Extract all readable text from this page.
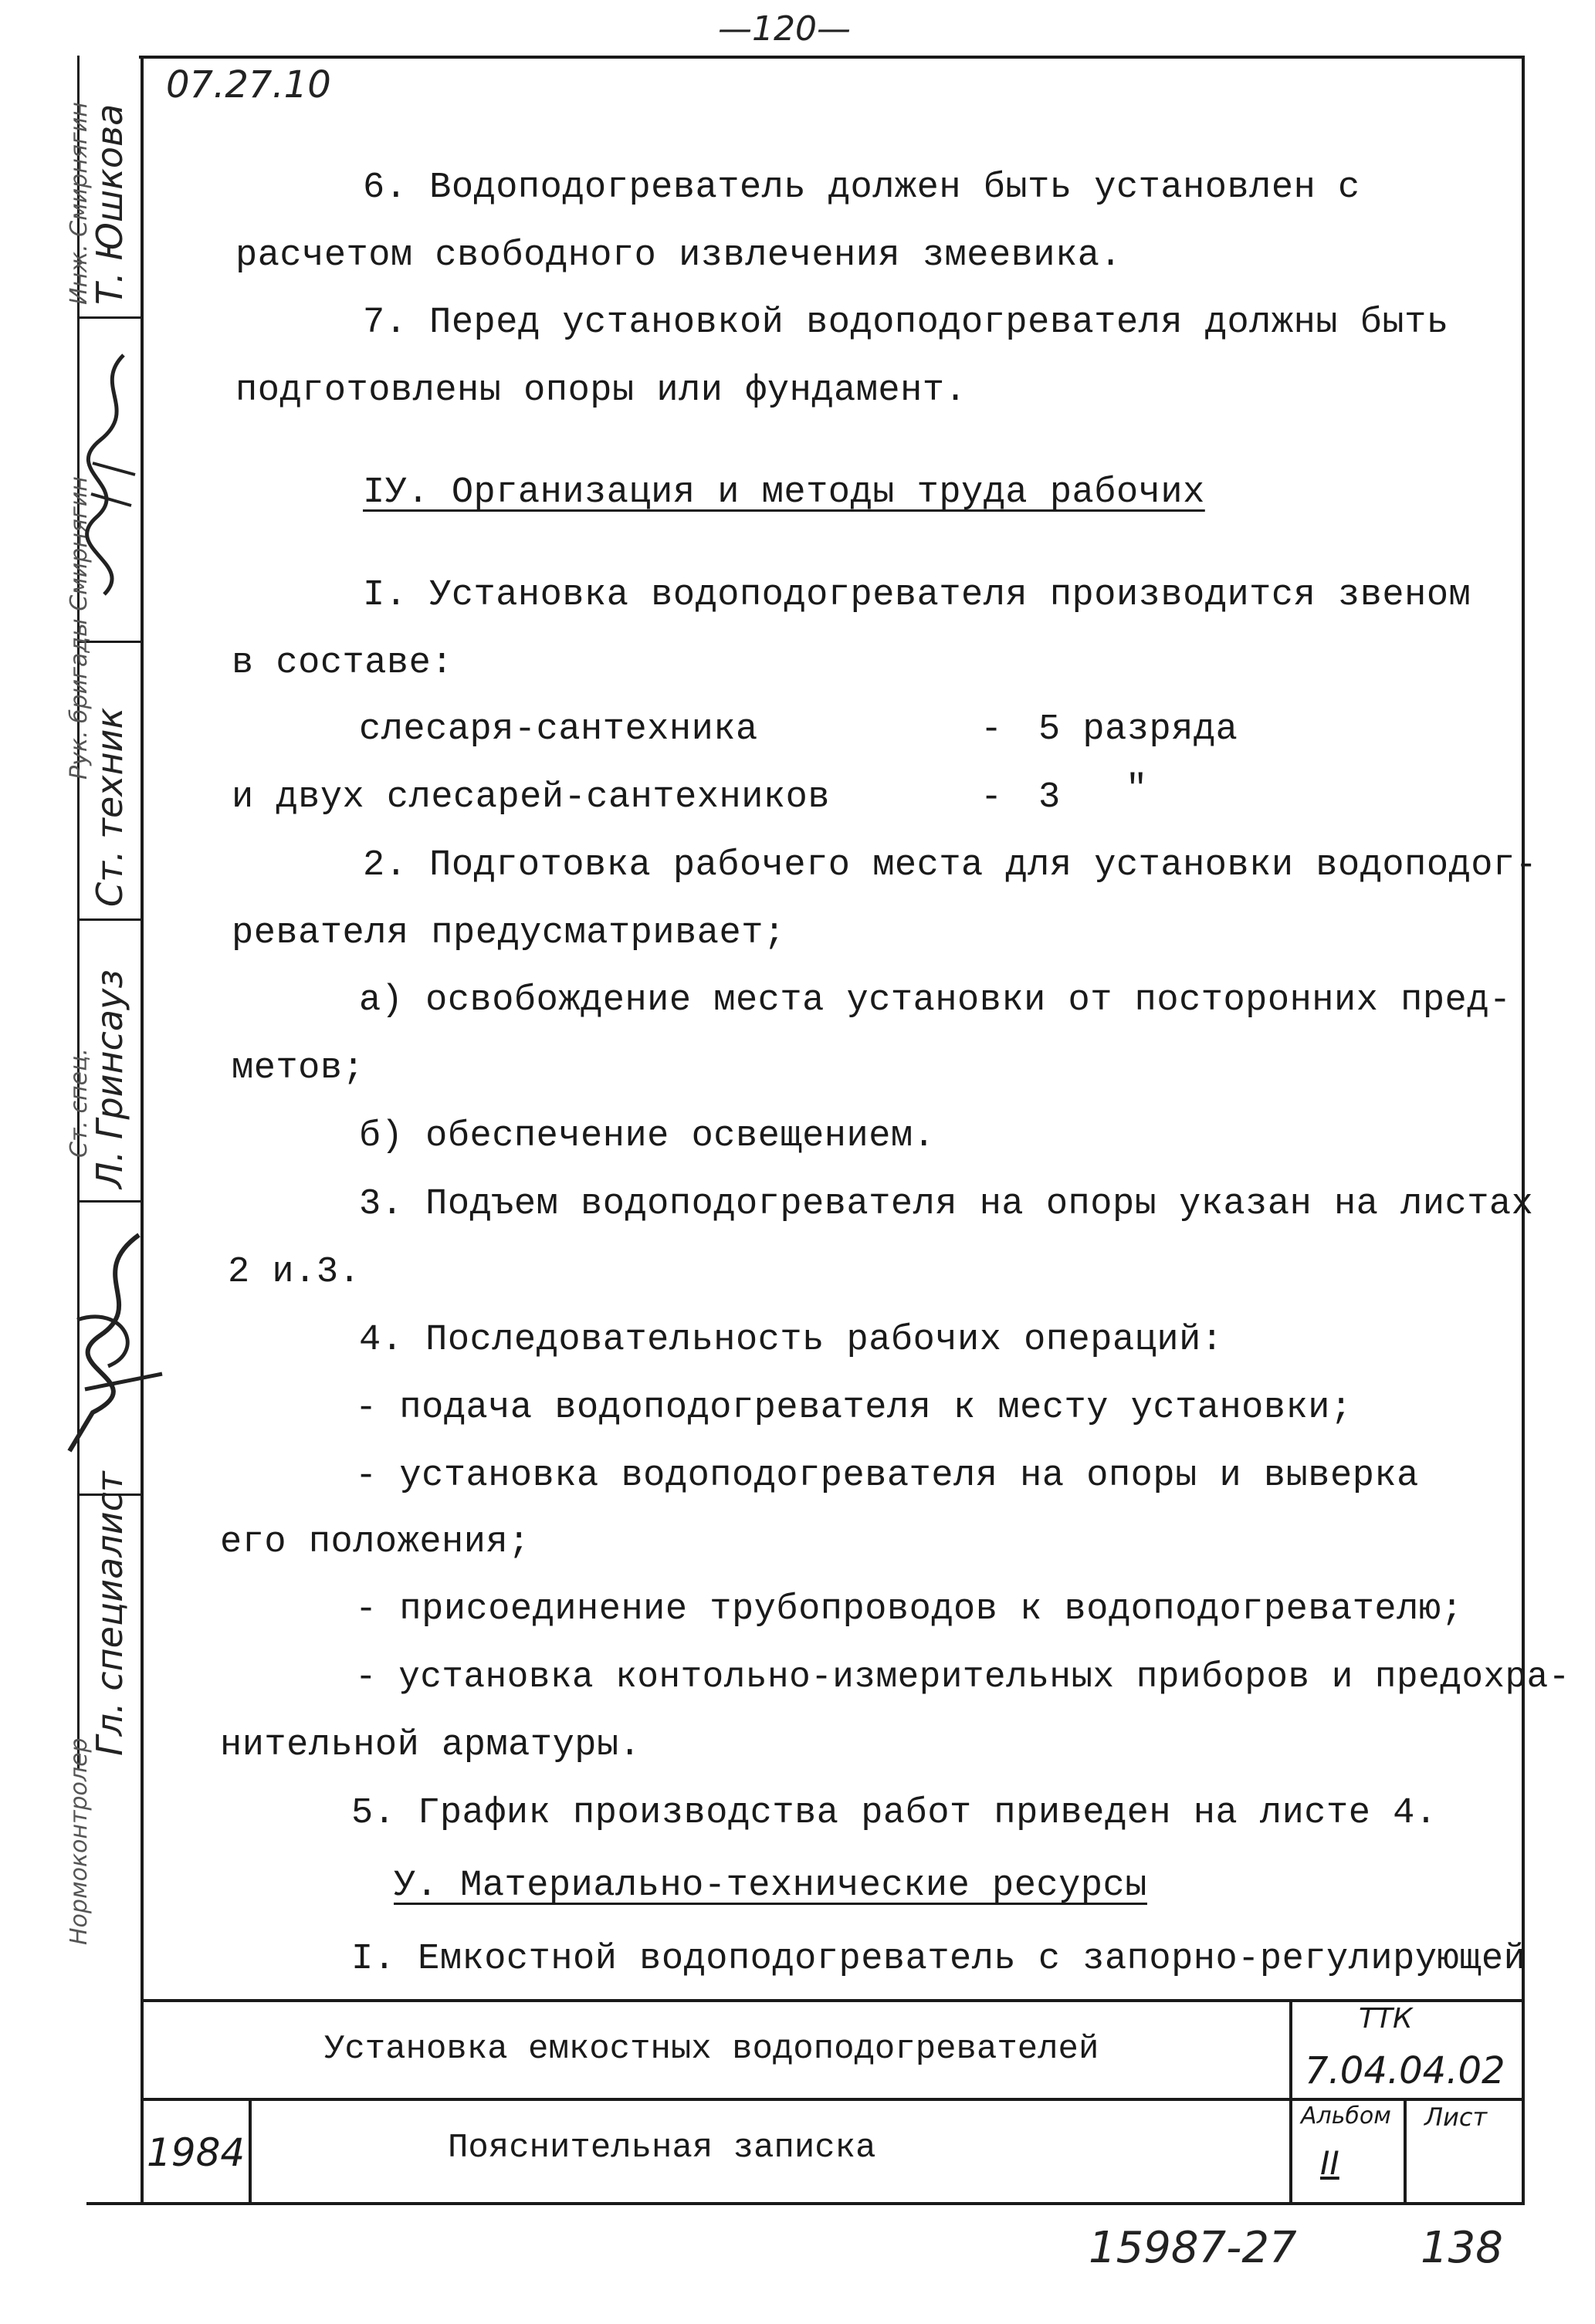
—120—
07.27.10
Т. Юшкова
Ст. техник
Л. Гринсауз
Гл. специалист
Инж. Смирнягин
Рук. бригады Смирнягин
Ст. спец.
Нормоконтролер
6. Водоподогреватель должен быть установлен с
расчетом свободного извлечения змеевика.
7. Перед установкой водоподогревателя должны быть
подготовлены опоры или фундамент.
IУ. Организация и методы труда рабочих
I. Установка водоподогревателя производится звеном
в составе:
слесаря-сантехника	- 5 разряда
и двух слесарей-сантехников	- 3 "
2. Подготовка рабочего места для установки водоподог-
ревателя предусматривает;
а) освобождение места установки от посторонних пред-
метов;
б) обеспечение освещением.
3. Подъем водоподогревателя на опоры указан на листах
2 и.3.
4. Последовательность рабочих операций:
- подача водоподогревателя к месту установки;
- установка водоподогревателя на опоры и выверка
его положения;
- присоединение трубопроводов к водоподогревателю;
- установка контольно-измерительных приборов и предохра-
нительной арматуры.
5. График производства работ приведен на листе 4.
У. Материально-технические ресурсы
I. Емкостной водоподогреватель с запорно-регулирующей
Установка емкостных водоподогревателей
Пояснительная записка
ТТК
7.04.04.02
1984
Альбом
II
Лист
15987-27	138
